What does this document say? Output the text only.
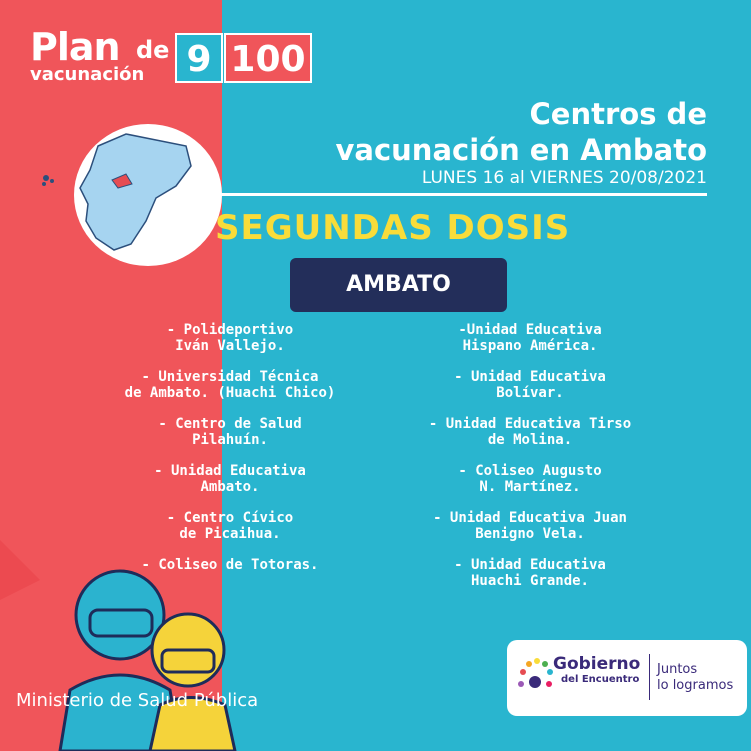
Plan de
vacunación	9 100
Centros de
vacunación en Ambato
LUNES 16 al VIERNES 20/08/2021
SEGUNDAS DOSIS
AMBATO
- Polideportivo
Iván Vallejo.
- Universidad Técnica
de Ambato. (Huachi Chico)
- Centro de Salud
Pilahuín.
- Unidad Educativa
Ambato.
- Centro Cívico
de Picaihua.
- Coliseo de Totoras.
-Unidad Educativa
Hispano América.
- Unidad Educativa
Bolívar.
- Unidad Educativa Tirso
de Molina.
- Coliseo Augusto
N. Martínez.
- Unidad Educativa Juan
Benigno Vela.
- Unidad Educativa
Huachi Grande.
Ministerio de Salud Pública
Gobierno
del Encuentro
Juntos
lo logramos
